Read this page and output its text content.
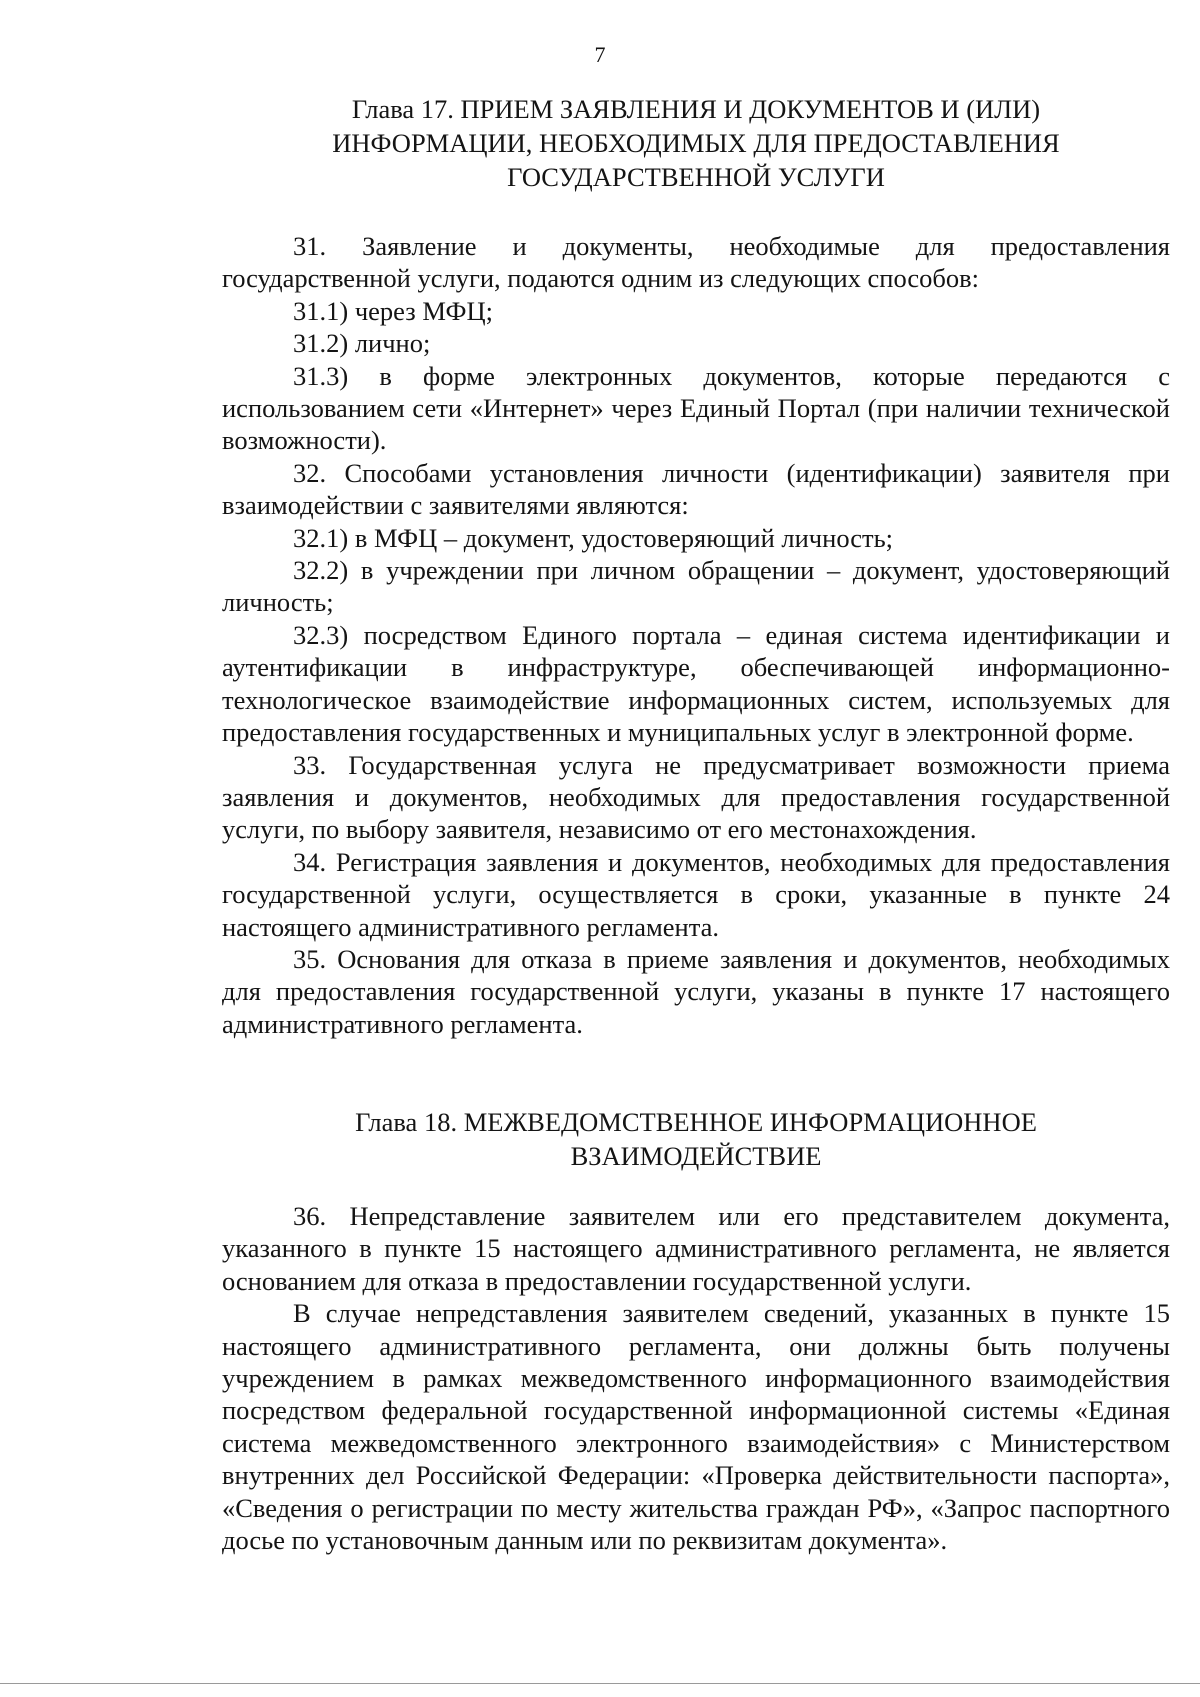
7
Глава 17. ПРИЕМ ЗАЯВЛЕНИЯ И ДОКУМЕНТОВ И (ИЛИ)
ИНФОРМАЦИИ, НЕОБХОДИМЫХ ДЛЯ ПРЕДОСТАВЛЕНИЯ
ГОСУДАРСТВЕННОЙ УСЛУГИ
31. Заявление и документы, необходимые для предоставления государственной услуги, подаются одним из следующих способов:
31.1) через МФЦ;
31.2) лично;
31.3) в форме электронных документов, которые передаются с использованием сети «Интернет» через Единый Портал (при наличии технической возможности).
32. Способами установления личности (идентификации) заявителя при взаимодействии с заявителями являются:
32.1) в МФЦ – документ, удостоверяющий личность;
32.2) в учреждении при личном обращении – документ, удостоверяющий личность;
32.3) посредством Единого портала – единая система идентификации и аутентификации в инфраструктуре, обеспечивающей информационно-технологическое взаимодействие информационных систем, используемых для предоставления государственных и муниципальных услуг в электронной форме.
33. Государственная услуга не предусматривает возможности приема заявления и документов, необходимых для предоставления государственной услуги, по выбору заявителя, независимо от его местонахождения.
34. Регистрация заявления и документов, необходимых для предоставления государственной услуги, осуществляется в сроки, указанные в пункте 24 настоящего административного регламента.
35. Основания для отказа в приеме заявления и документов, необходимых для предоставления государственной услуги, указаны в пункте 17 настоящего административного регламента.
Глава 18. МЕЖВЕДОМСТВЕННОЕ ИНФОРМАЦИОННОЕ
ВЗАИМОДЕЙСТВИЕ
36. Непредставление заявителем или его представителем документа, указанного в пункте 15 настоящего административного регламента, не является основанием для отказа в предоставлении государственной услуги.
В случае непредставления заявителем сведений, указанных в пункте 15 настоящего административного регламента, они должны быть получены учреждением в рамках межведомственного информационного взаимодействия посредством федеральной государственной информационной системы «Единая система межведомственного электронного взаимодействия» с Министерством внутренних дел Российской Федерации: «Проверка действительности паспорта», «Сведения о регистрации по месту жительства граждан РФ», «Запрос паспортного досье по установочным данным или по реквизитам документа».
